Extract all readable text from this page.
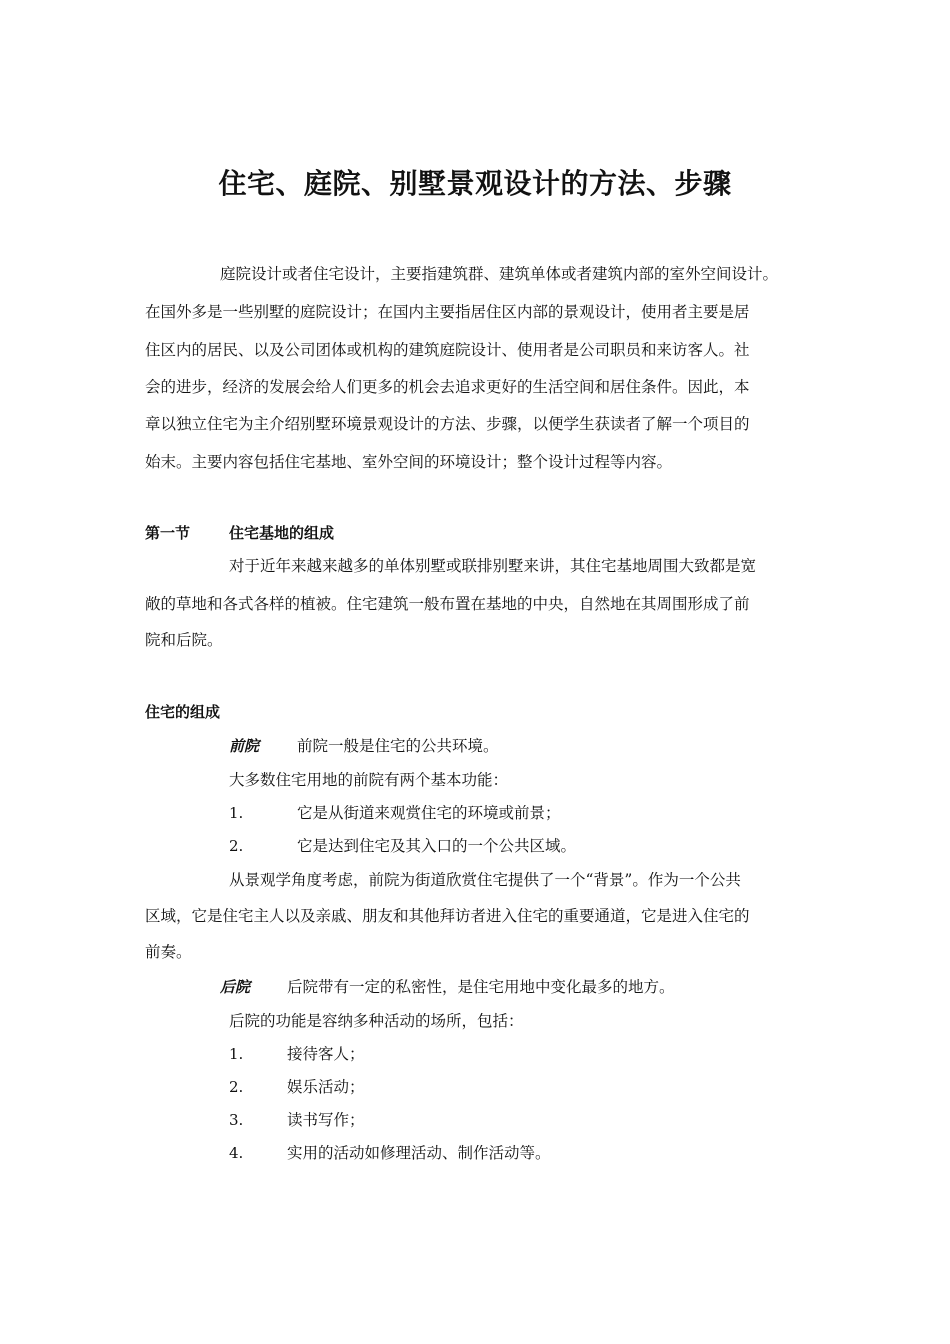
住宅、庭院、别墅景观设计的方法、步骤
庭院设计或者住宅设计，主要指建筑群、建筑单体或者建筑内部的室外空间设计。
在国外多是一些别墅的庭院设计；在国内主要指居住区内部的景观设计，使用者主要是居
住区内的居民、以及公司团体或机构的建筑庭院设计、使用者是公司职员和来访客人。社
会的进步，经济的发展会给人们更多的机会去追求更好的生活空间和居住条件。因此，本
章以独立住宅为主介绍别墅环境景观设计的方法、步骤，以便学生获读者了解一个项目的
始末。主要内容包括住宅基地、室外空间的环境设计；整个设计过程等内容。
第一节	住宅基地的组成
对于近年来越来越多的单体别墅或联排别墅来讲，其住宅基地周围大致都是宽
敞的草地和各式各样的植被。住宅建筑一般布置在基地的中央，自然地在其周围形成了前
院和后院。
住宅的组成
前院 前院一般是住宅的公共环境。
大多数住宅用地的前院有两个基本功能：
1.	它是从街道来观赏住宅的环境或前景；
2.	它是达到住宅及其入口的一个公共区域。
从景观学角度考虑，前院为街道欣赏住宅提供了一个“背景”。作为一个公共
区域，它是住宅主人以及亲戚、朋友和其他拜访者进入住宅的重要通道，它是进入住宅的
前奏。
后院 后院带有一定的私密性，是住宅用地中变化最多的地方。
后院的功能是容纳多种活动的场所，包括：
1.	接待客人；
2.	娱乐活动；
3.	读书写作；
4.	实用的活动如修理活动、制作活动等。
